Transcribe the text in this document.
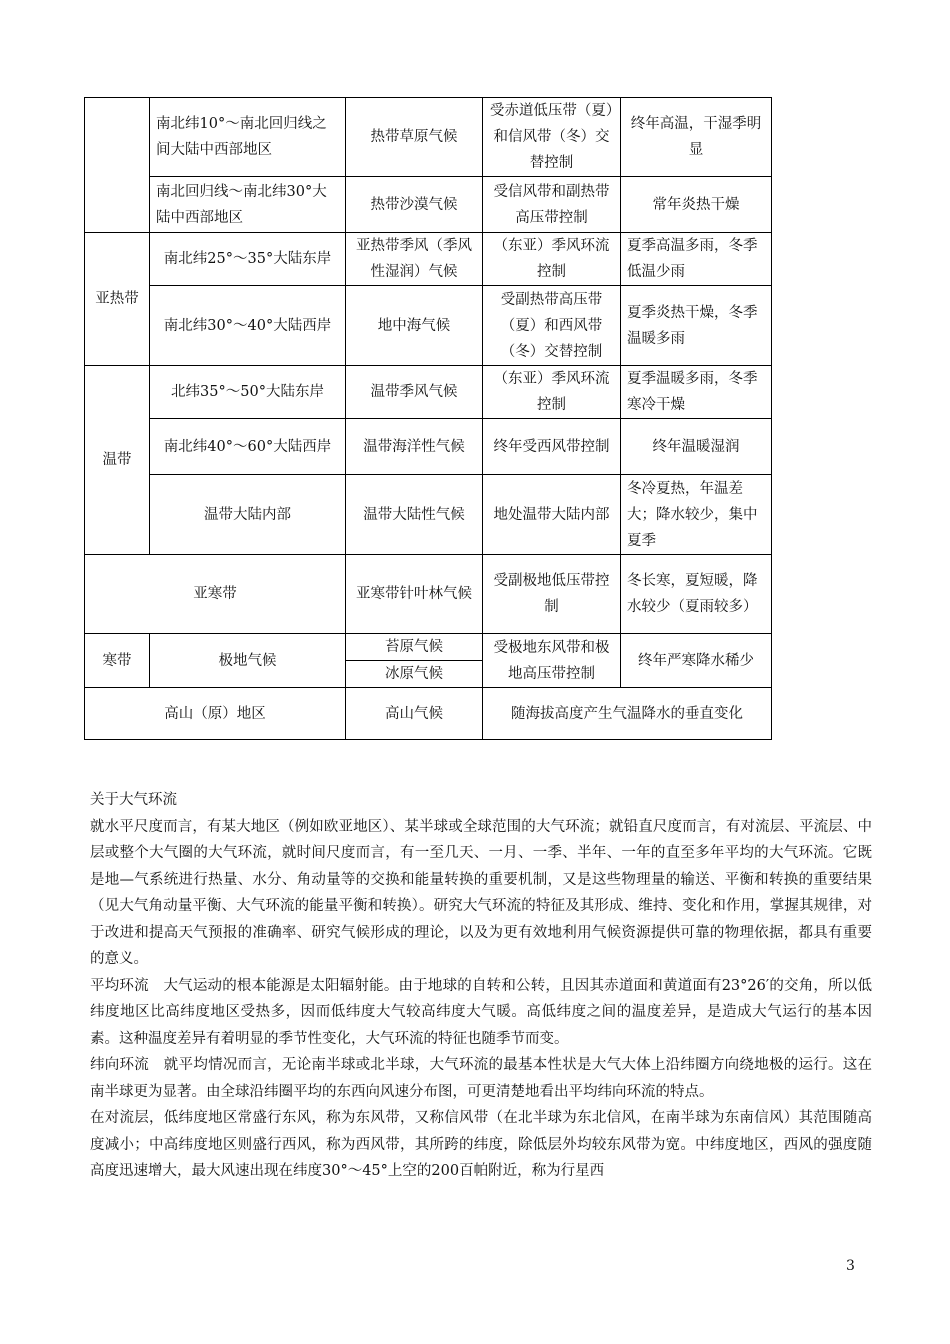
	南北纬10°～南北回归线之间大陆中西部地区	热带草原气候	受赤道低压带（夏）和信风带（冬）交替控制	终年高温，干湿季明显
	南北回归线～南北纬30°大陆中西部地区	热带沙漠气候	受信风带和副热带高压带控制	常年炎热干燥
亚热带	南北纬25°～35°大陆东岸	亚热带季风（季风性湿润）气候	（东亚）季风环流控制	夏季高温多雨，冬季低温少雨
	南北纬30°～40°大陆西岸	地中海气候	受副热带高压带（夏）和西风带（冬）交替控制	夏季炎热干燥，冬季温暖多雨
温带	北纬35°～50°大陆东岸	温带季风气候	（东亚）季风环流控制	夏季温暖多雨，冬季寒冷干燥
	南北纬40°～60°大陆西岸	温带海洋性气候	终年受西风带控制	终年温暖湿润
	温带大陆内部	温带大陆性气候	地处温带大陆内部	冬冷夏热，年温差大；降水较少，集中夏季
亚寒带		亚寒带针叶林气候	受副极地低压带控制	冬长寒，夏短暖，降水较少（夏雨较多）
寒带	极地气候	苔原气候	受极地东风带和极地高压带控制	终年严寒降水稀少
		冰原气候		
高山（原）地区		高山气候	随海拔高度产生气温降水的垂直变化	

关于大气环流

就水平尺度而言，有某大地区（例如欧亚地区）、某半球或全球范围的大气环流；就铅直尺度而言，有对流层、平流层、中层或整个大气圈的大气环流，就时间尺度而言，有一至几天、一月、一季、半年、一年的直至多年平均的大气环流。它既是地—气系统进行热量、水分、角动量等的交换和能量转换的重要机制，又是这些物理量的输送、平衡和转换的重要结果（见大气角动量平衡、大气环流的能量平衡和转换）。研究大气环流的特征及其形成、维持、变化和作用，掌握其规律，对于改进和提高天气预报的准确率、研究气候形成的理论，以及为更有效地利用气候资源提供可靠的物理依据，都具有重要的意义。

平均环流　大气运动的根本能源是太阳辐射能。由于地球的自转和公转，且因其赤道面和黄道面有23°26′的交角，所以低纬度地区比高纬度地区受热多，因而低纬度大气较高纬度大气暖。高低纬度之间的温度差异，是造成大气运行的基本因素。这种温度差异有着明显的季节性变化，大气环流的特征也随季节而变。

纬向环流　就平均情况而言，无论南半球或北半球，大气环流的最基本性状是大气大体上沿纬圈方向绕地极的运行。这在南半球更为显著。由全球沿纬圈平均的东西向风速分布图，可更清楚地看出平均纬向环流的特点。

在对流层，低纬度地区常盛行东风，称为东风带，又称信风带（在北半球为东北信风，在南半球为东南信风）其范围随高度减小；中高纬度地区则盛行西风，称为西风带，其所跨的纬度，除低层外均较东风带为宽。中纬度地区，西风的强度随高度迅速增大，最大风速出现在纬度30°～45°上空的200百帕附近，称为行星西

3
